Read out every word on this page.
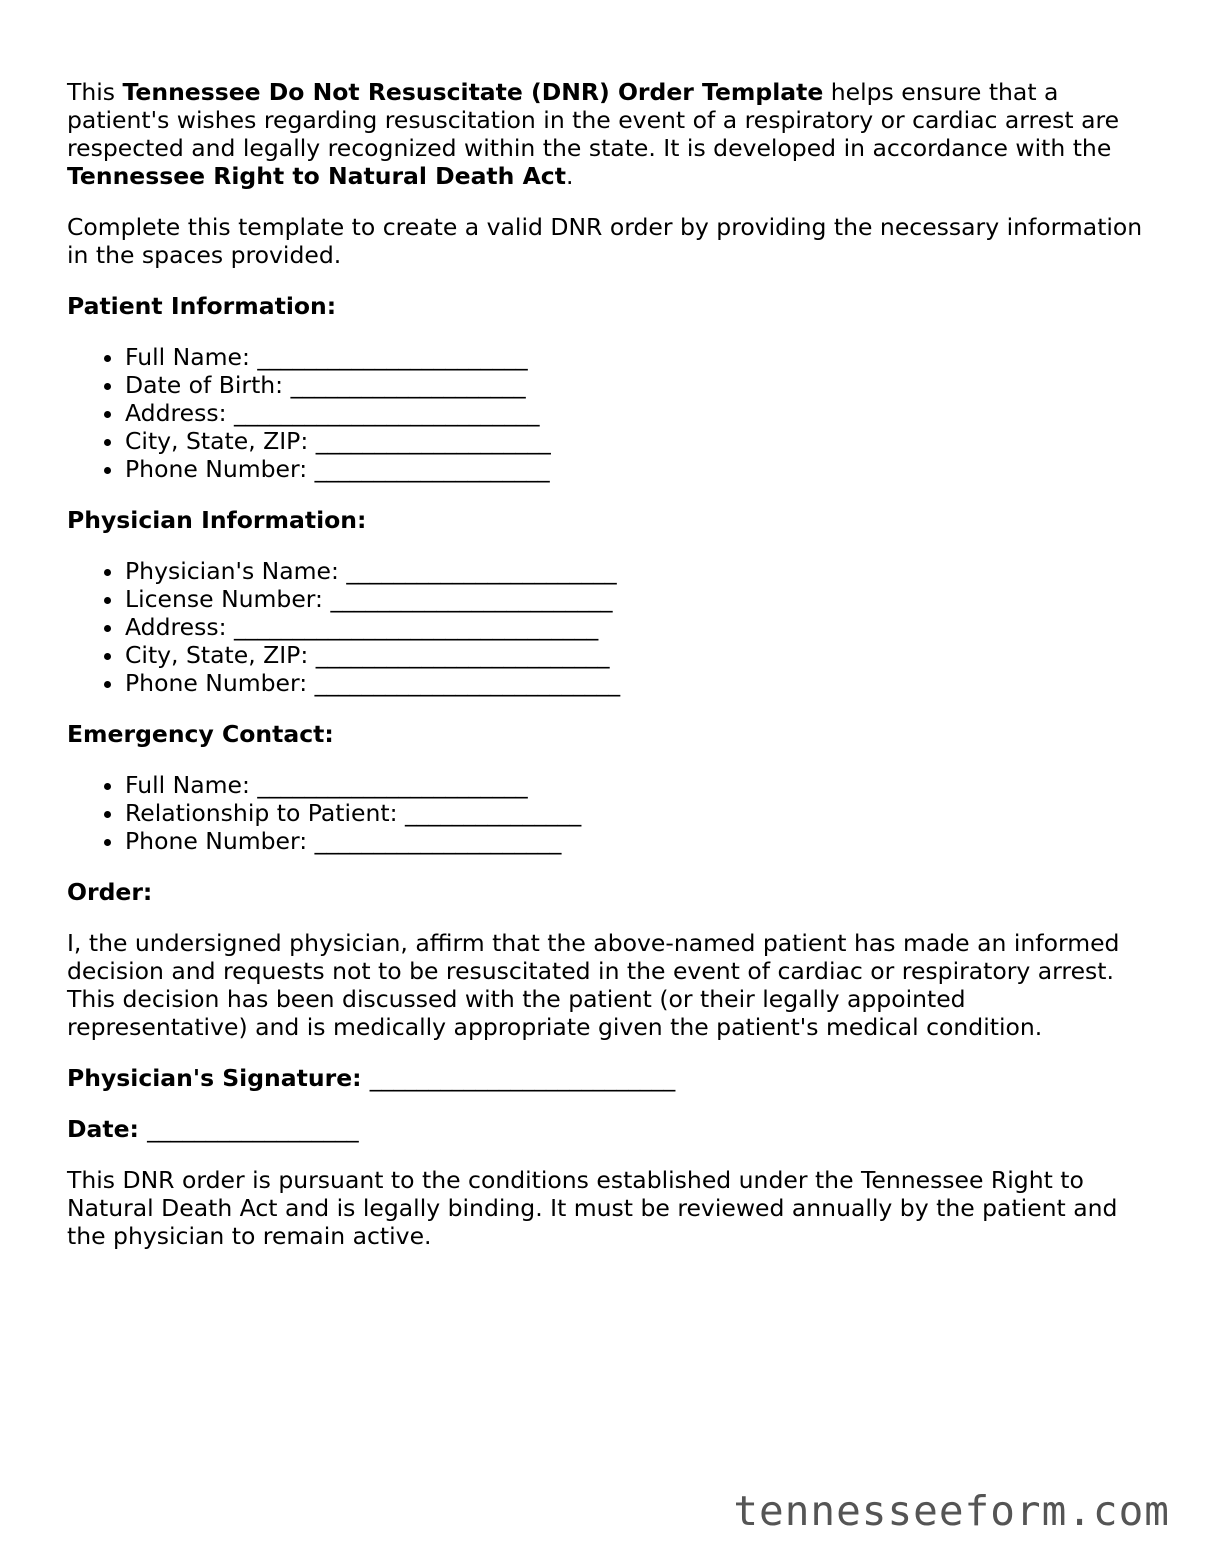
This Tennessee Do Not Resuscitate (DNR) Order Template helps ensure that a patient's wishes regarding resuscitation in the event of a respiratory or cardiac arrest are respected and legally recognized within the state. It is developed in accordance with the Tennessee Right to Natural Death Act.

Complete this template to create a valid DNR order by providing the necessary information in the spaces provided.

Patient Information:
• Full Name: _______________________
• Date of Birth: ____________________
• Address: __________________________
• City, State, ZIP: ____________________
• Phone Number: ____________________
Physician Information:
• Physician's Name: _______________________
• License Number: ________________________
• Address: _______________________________
• City, State, ZIP: _________________________
• Phone Number: __________________________
Emergency Contact:
• Full Name: _______________________
• Relationship to Patient: _______________
• Phone Number: _____________________
Order:

I, the undersigned physician, affirm that the above-named patient has made an informed decision and requests not to be resuscitated in the event of cardiac or respiratory arrest. This decision has been discussed with the patient (or their legally appointed representative) and is medically appropriate given the patient's medical condition.

Physician's Signature: __________________________

Date: __________________

This DNR order is pursuant to the conditions established under the Tennessee Right to Natural Death Act and is legally binding. It must be reviewed annually by the patient and the physician to remain active.

tennesseeform.com
